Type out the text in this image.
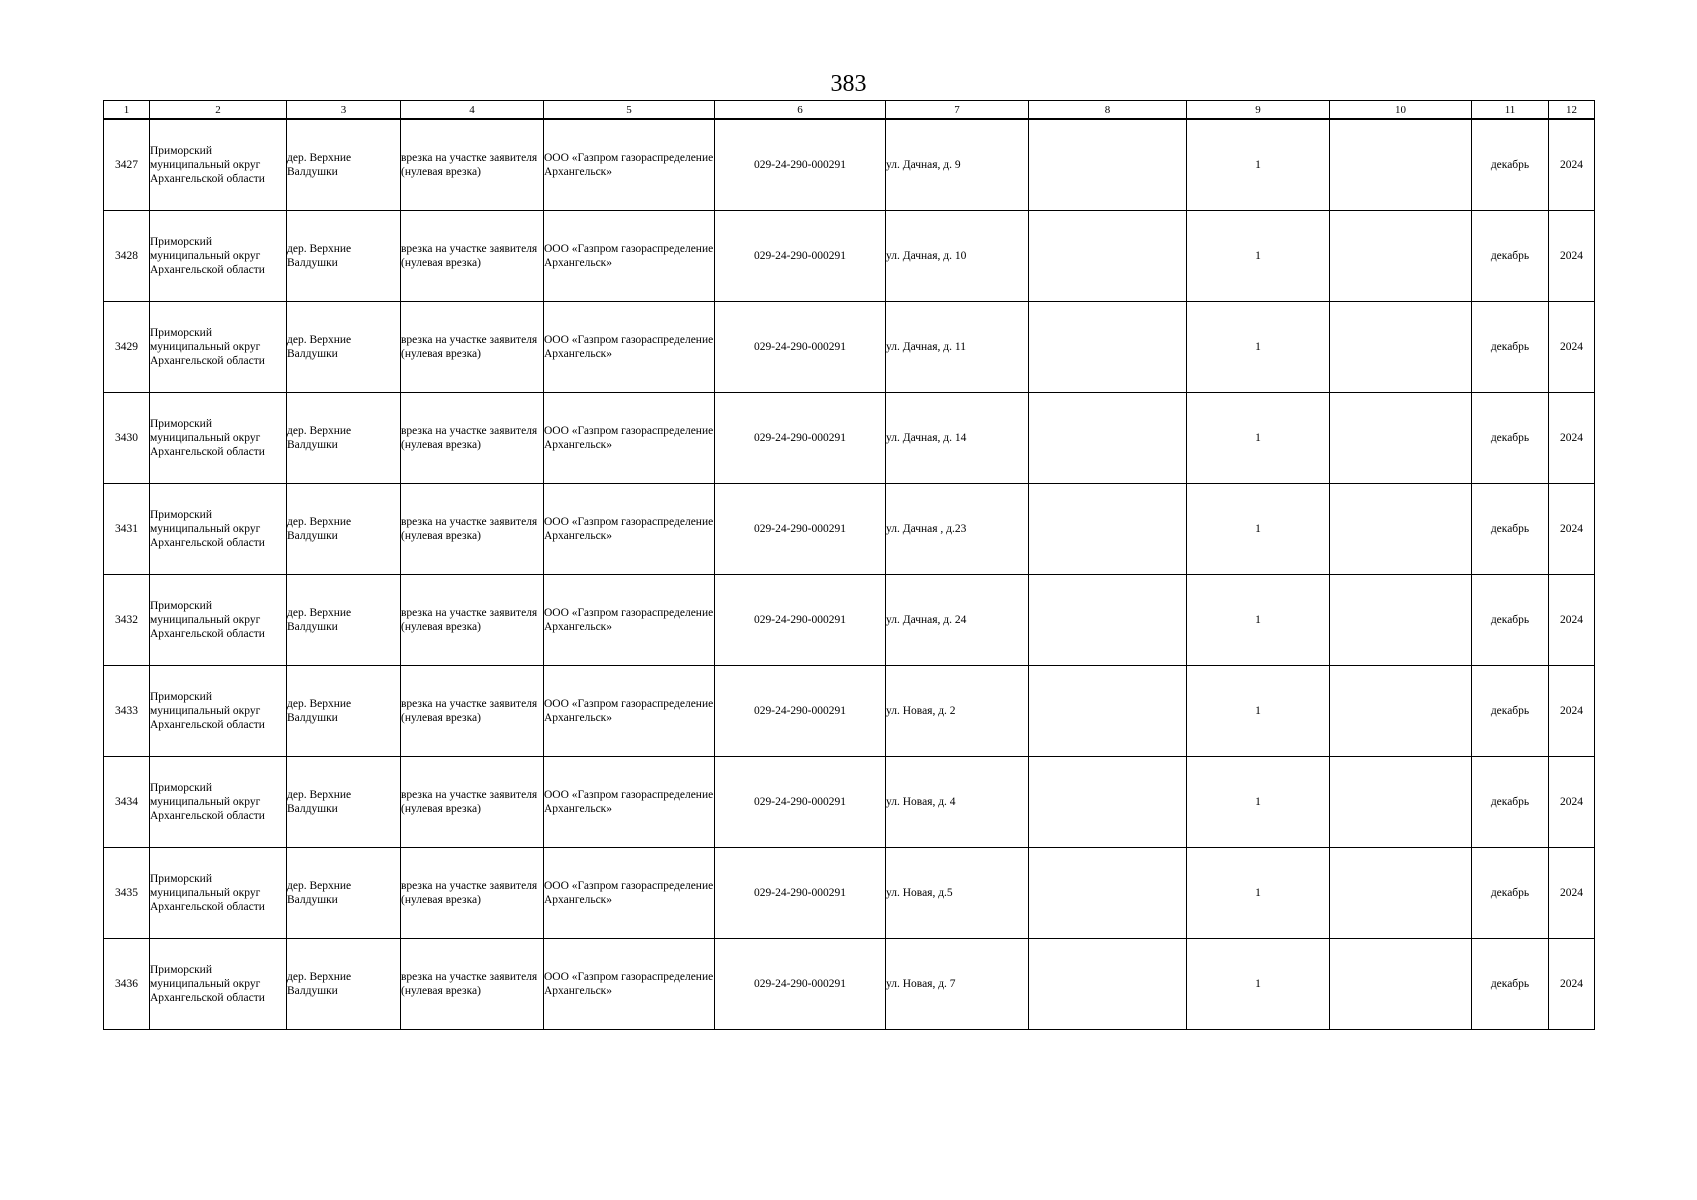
383
1	2	3	4	5	6	7	8	9	10	11	12
3427	Приморский муниципальный округ Архангельской области	дер. Верхние Валдушки	врезка на участке заявителя (нулевая врезка)	ООО «Газпром газораспределение Архангельск»	029-24-290-000291	ул. Дачная, д. 9		1		декабрь	2024
3428	Приморский муниципальный округ Архангельской области	дер. Верхние Валдушки	врезка на участке заявителя (нулевая врезка)	ООО «Газпром газораспределение Архангельск»	029-24-290-000291	ул. Дачная, д. 10		1		декабрь	2024
3429	Приморский муниципальный округ Архангельской области	дер. Верхние Валдушки	врезка на участке заявителя (нулевая врезка)	ООО «Газпром газораспределение Архангельск»	029-24-290-000291	ул. Дачная, д. 11		1		декабрь	2024
3430	Приморский муниципальный округ Архангельской области	дер. Верхние Валдушки	врезка на участке заявителя (нулевая врезка)	ООО «Газпром газораспределение Архангельск»	029-24-290-000291	ул. Дачная, д. 14		1		декабрь	2024
3431	Приморский муниципальный округ Архангельской области	дер. Верхние Валдушки	врезка на участке заявителя (нулевая врезка)	ООО «Газпром газораспределение Архангельск»	029-24-290-000291	ул. Дачная , д.23		1		декабрь	2024
3432	Приморский муниципальный округ Архангельской области	дер. Верхние Валдушки	врезка на участке заявителя (нулевая врезка)	ООО «Газпром газораспределение Архангельск»	029-24-290-000291	ул. Дачная, д. 24		1		декабрь	2024
3433	Приморский муниципальный округ Архангельской области	дер. Верхние Валдушки	врезка на участке заявителя (нулевая врезка)	ООО «Газпром газораспределение Архангельск»	029-24-290-000291	ул. Новая, д. 2		1		декабрь	2024
3434	Приморский муниципальный округ Архангельской области	дер. Верхние Валдушки	врезка на участке заявителя (нулевая врезка)	ООО «Газпром газораспределение Архангельск»	029-24-290-000291	ул. Новая, д. 4		1		декабрь	2024
3435	Приморский муниципальный округ Архангельской области	дер. Верхние Валдушки	врезка на участке заявителя (нулевая врезка)	ООО «Газпром газораспределение Архангельск»	029-24-290-000291	ул. Новая, д.5		1		декабрь	2024
3436	Приморский муниципальный округ Архангельской области	дер. Верхние Валдушки	врезка на участке заявителя (нулевая врезка)	ООО «Газпром газораспределение Архангельск»	029-24-290-000291	ул. Новая, д. 7		1		декабрь	2024
